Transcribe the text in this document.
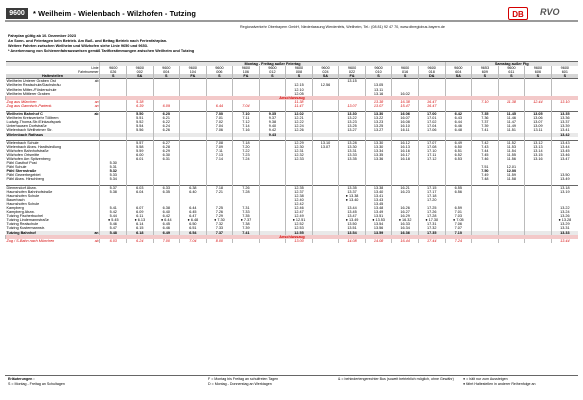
9600	* Weilheim - Wielenbach - Wilzhofen - Tutzing	DB	RVO
Regionalverkehr Oberbayern GmbH, Niederlassung Werdenfels, Weilheim, Tel.: (08 81) 92 47 70, www.dbregiobus-bayern.de
Fahrplan gültig ab 10. Dezember 2023
An Sonn- und Feiertagen kein Betrieb. Am Buß- und Bettag Betrieb nach Ferienfahrplan.
Weitere Fahrten zwischen Weilheim und Wilzhofen siehe Linie 9650 und 9653.
* Anerkennung von Schienenfahrausweisen gemäß Tarifbestimmungen zwischen Weilheim und Tutzing
		Montag - Freitag außer Feiertag													Samstag außer Ftg				
Linie		9600	9600	9600	9600	9600	9600	9600	9600	9600	9600	9600	9600	9600	9600	9653	9600	9600	9600
Fahrtnummer		026	002	004	104	006	106	012	008	024	022	010	016	018	604	609	611	606	601
Haltestellen		S	S&	S	F&	S	F&	S	S	S&	F&	S	S	D&	S&	S	S	S	S
Weilheim Unterer Graben Ost	ab										13.15								
Weilheim Realschule/Dachsbräu									12.15	12.56		13.05							
Weilheim Mitter-/Förderschule									12.10			13.11							
Weilheim Mittlerer Graben									12.05			13.16	16.02						
Anschlusszug																			
Zug aus München	an		5.38						11.38			13.38	16.38	16.47		7.10	11.38	12.44	13.10
Zug aus Garmisch-Partenk.	an		6.39	6.09		6.44	7.04		11.47		13.07	13.07	15.47	16.47					

Weilheim Bahnhof C	ab		5.50	6.20		7.00	7.10	9.35	12.02		13.30	13.30	16.06	17.00	6.42	7.35	11.45	13.05	13.35
Weilheim Kreisverkehr Tölltrem			5.51	6.21		7.01	7.11	9.37	12.21		13.22	13.22	16.07	17.01	6.43	7.36	11.46	13.06	13.36
Ludwig-Thoma-Str./Einkaufspark			5.52	6.22		7.02	7.12	9.38	12.22		13.23	13.23	16.08	17.02	6.44	7.37	11.47	13.07	13.37
Unterhausen Dorfstraße			5.54	6.24		7.04	7.14	9.40	12.24		13.25	13.25	16.10	17.04	6.46	7.39	11.49	13.09	13.39
Wielenbach Weilheimer Str.			5.56	6.26		7.06	7.16	9.42	12.26		13.27	13.27	16.11	17.06	6.48	7.41	11.51	13.11	13.41
Wielenbach Rathaus								9.43											13.42

Wielenbach Schule			5.57	6.27		7.08	7.18		12.29	13.10	13.28	13.30	16.12	17.07	6.49	7.42	11.52	13.12	13.43
Wielenbach Abzw. Hardtsiedlung			5.58	6.28		7.09	7.20		12.30	13.07	13.30	13.30	16.13	17.08	6.50	7.43	11.53	13.13	13.44
Wilzhofen Bahnhofstraße			5.59	6.29		7.11	7.22		12.31		13.31	13.34	16.16	17.10	6.51	7.44	11.54	13.14	13.45
Wilzhofen Ortsmitte			6.00	6.30		7.13	7.23		12.32		13.33	13.35	16.17	17.11	6.52	7.45	11.55	13.15	13.46
Wilzhofen Am Spitzenberg			6.01	6.31		7.14	7.24		12.33		13.35	13.36	16.18	17.12	6.53	7.46	11.56	13.16	13.47
Pähl Gasthof Post		5.30																	
Pähl Schule		5.31														7.51	12.01		
Pähl Sternstraße		5.32														7.50	12.00		
Pähl Gewerbegebiet		5.33														7.49	11.59		13.50
Pähl Abzw. Hirschberg		5.34														7.48	11.58		13.49

Diemendorf Abzw.		5.37	6.03	6.33	6.38	7.18	7.26		12.35		13.35	13.38	16.21	17.15	6.55				13.18
Haunshofen Bahnhofstraße		5.38	6.04	6.35	6.40	7.21	7.28		12.37		13.37	13.40	16.23	17.17	6.56				13.19
Haunshofen Schule									12.38		● 13.38	13.41		17.18					
Bauerbach									12.40		● 13.40	13.43		17.20					
Haunshofen Schule									12.42			13.45							
Kampberg		5.41	6.07	6.38	6.44	7.25	7.31		12.46		13.44	13.48	16.26	17.25	6.59				13.22
Kampberg Abzw.		5.42	6.09	6.40	6.45	7.26	7.33		12.47		13.45	13.49	16.27	17.26	7.01				13.24
Tutzing Fischerbuchel		5.44	6.11	6.42	6.47	7.29	7.35		12.49		13.47	13.51	16.29	17.28	7.03				13.26
Tutzing Lindemannstraße		● 5.45	● 6.13	● 6.44	● 6.48	● 7.30	● 7.37		● 12.51		● 13.49	● 13.53	● 16.32	● 17.30	● 7.05				● 13.28
Tutzing Realschule		5.46	6.14	6.45	6.50	7.32	7.38		12.52		13.50	13.54	16.33	17.31	7.06				13.29
Tutzing Kustermannstr.		5.47	6.15	6.46	6.51	7.33	7.39		12.53		13.51	13.56	16.34	17.32	7.07				13.31
Tutzing Bahnhof	an	5.48	6.18	6.49	6.54	7.37	7.41		12.55		13.54	13.59	16.36	17.35	7.10				13.33
Anschlusszug																			
Zug / S-Bahn nach München	ab	6.03	6.24	7.00	7.04	8.00			13.00		14.08	14.08	16.44	17.44	7.24				13.44
Erläuterungen :
S = Montag - Freitag an Schultagen
F = Montag bis Freitag an schulfreien Tagen
D = Montag - Donnerstag an Werktagen
& = behindertengerechter Bus (soweit betrieblich möglich, ohne Gewähr)	● = hält nur zum Aussteigen
● fährt Haltestellen in anderer Reihenfolge an
